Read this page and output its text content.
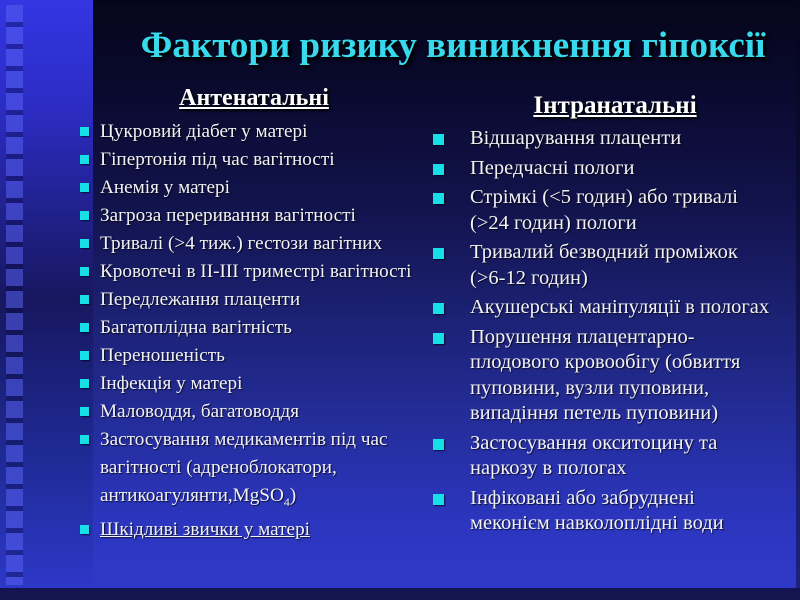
Фактори ризику виникнення гіпоксії
Антенатальні
Цукровий діабет у матері
Гіпертонія під час вагітності
Анемія у матері
Загроза переривання вагітності
Тривалі (>4 тиж.) гестози вагітних
Кровотечі в II-III триместрі вагітності
Передлежання плаценти
Багатоплідна вагітність
Переношеність
Інфекція у матері
Маловоддя, багатоводдя
Застосування медикаментів під час вагітності (адреноблокатори, антикоагулянти,MgSO$_4$)
Шкідливі звички у матері
Інтранатальні
Відшарування плаценти
Передчасні пологи
Стрімкі (<5 годин) або тривалі (>24 годин) пологи
Тривалий безводний проміжок (>6-12 годин)
Акушерські маніпуляції в пологах
Порушення плацентарно-плодового кровообігу (обвиття пуповини, вузли пуповини, випадіння петель пуповини)
Застосування окситоцину та наркозу в пологах
Інфіковані або забруднені меконієм навколоплідні води
